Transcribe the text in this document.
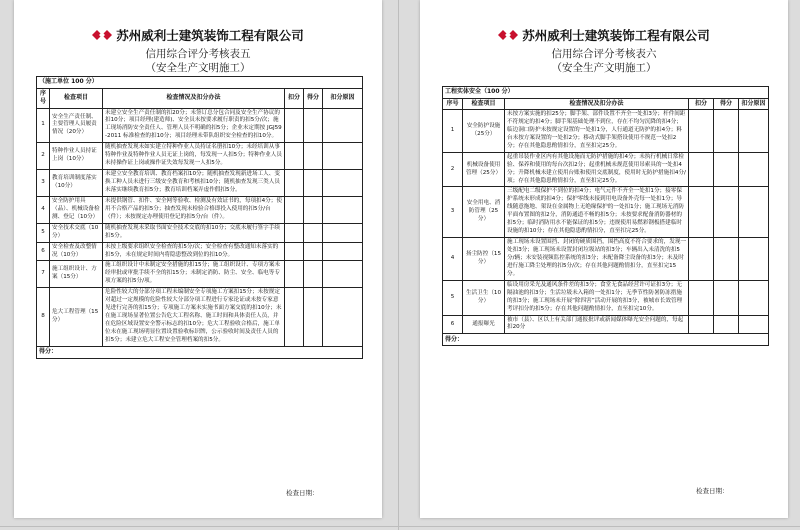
苏州威利士建筑装饰工程有限公司
信用综合评分考核表五
（安全生产文明施工）
（施工单位 100 分）					
序号	检查项目	检查情况及扣分办法	扣分	得分	扣分原因
1	安全生产责任制、主要管理人员履责情况（20分）	未建立安全生产责任制的扣20分；未签订总分包合同及安全生产协议的扣10分；项目经理(建造师)、安全员未按要求履行职责的扣5分/次；施工现场消防安全责任人、管理人员不明确的扣5分；企业未定期按 JGJ59-2011 标准检查的扣10分；项目经理未带队组织安全检查的扣10分。			
2	特种作业人员持证上岗（10分）	随机抽查发现未如实建立特种作业人员持证名册扣10分；未经培训从事特种作业及特种作业人员无证上岗的，每发现一人扣5分；特种作业人员未持操作证上岗或操作证失效每发现一人扣5分。			
3	教育培训制度落实（10分）	未建立安全教育培训、教育档案扣10分；随机抽查发现新进场工人、变换工种人员未进行三级安全教育和考核扣10分；随机抽查发现三类人员未落实继续教育扣5分；教育培训档案弄虚作假扣5分。			
4	安全防护用具（品）、机械设备检测、登记（10分）	未提供钢管、扣件、安全网等验收、检测及有效证书的，每项扣4分；使用不合格产品的扣5分；抽查发现未检验合格即投入使用的扣5分/台（件）；未按规定办理使用登记的扣5分/台（件）。			
5	安全技术交底（10分）	随机抽查发现未采取书面安全技术交底的扣10分；交底未履行签字手续扣5分。			
6	安全检查及改整情况（10分）	未按上级要求组织安全检查的扣5分/次；安全检查有整改通知未落实的扣5分，未在规定时间内将隐患整改到位的扣10分。			
7	施工组织设计、方案（15分）	施工组织设计中未制定安全措施的扣15分；施工组织设计、专项方案未经审批或审批手续不全的扣15分；未制定消防、防尘、安全、临电等专项方案的扣5分/项。			
8	危大工程管理（15分）	危险性较大的分部分项工程未编制安全专项施工方案扣15分；未按规定对超过一定规模的危险性较大分部分项工程进行专家论证或未按专家意见进行完善的扣15分；专项施工方案未实施书面方案交底的扣10分；未在施工现场显著位置公告危大工程名称、施工时间和具体责任人员，并在危险区域设置安全警示标志的扣10分；危大工程验收合格后，施工单位未在施工现场明显位置设置验收标识牌，公示验收时间及责任人员的扣5分；未建立危大工程安全管理档案的扣5分。			
得分：					
检查日期：
苏州威利士建筑装饰工程有限公司
信用综合评分考核表六
（安全生产文明施工）
工程实体安全（100 分）					
序号	检查项目	检查情况及扣分办法	扣分	得分	扣分原因
1	安全防护设施（25分）	未按方案实施的扣25分；脚手架、部件设置不齐全一处扣3分；杆件间距不符规定的扣4分；脚手架基础处理不到位，存在不均匀沉降的扣4分；临边洞口防护未按规定设置的一处扣1分，人行通道无防护的扣4分；料台未按方案设置的一处扣2分；移动式脚手架搭设使用不规范一处扣2分；存在其他隐患酌情扣分，直至扣完25分。			
2	机械设备使用管理（25分）	起重吊装作业区内有其他设施而无防护措施的扣4分；未执行机械日常检验、保养和使用的每台次扣2分；起重机械未规范使用吊索具的一处扣4分；升降机械未建立使用台账和使用交底制度，使用时无防护措施扣4分/项；存在其他隐患酌情扣分，直至扣完25分。			
3	安全用电、消防管理（25分）	三级配电二级保护不到位的扣4分；电气元件不齐全一处扣1分；接零保护系统未形成的扣4分；保护零线未接到用电设备外壳每一处扣1分；导线随意拖地、架设在金属物上无绝缘保护的一处扣1分；施工现场无消防平面布置图的扣2分，消防通道不畅的扣5分；未按要求配备消防器材的扣5分；临时消防用水不能保证的扣5分；违规使用易燃彩钢板搭建临时设施的扣10分；存在其他隐患酌情扣分，直至扣完25分。			
4	扬尘防控（15分）	施工现场未设置围挡、封闭的硬质围挡，围挡高度不符合要求的，发现一处扣3分；施工现场未设置封闭垃圾站的扣3分；车辆出入未清洗的扣5分/辆；未安装视频监控系统的扣3分；未配备降尘设备的扣3分；未及时进行施工降尘处理的扣5分/次；存在其他问题酌情扣分，直至扣完15分。			
5	生活卫生（10分）	临设用房采光及通风条件差的扣3分；食堂无食品经营许可证扣3分；无隔油池的扣3分；生活垃圾未入箱的一处扣1分；无季节性防暑防冻措施的扣3分；施工现场未开展“除四害”活动开展的扣3分，被城市长效管理考评扣分的扣5分；存在其他问题酌情扣分，直至扣完10分。			
6	通报曝光	被市（县）、区以上有关部门通报批评或新闻媒体曝光安全问题的，每起扣20分			
得分：					
检查日期：
